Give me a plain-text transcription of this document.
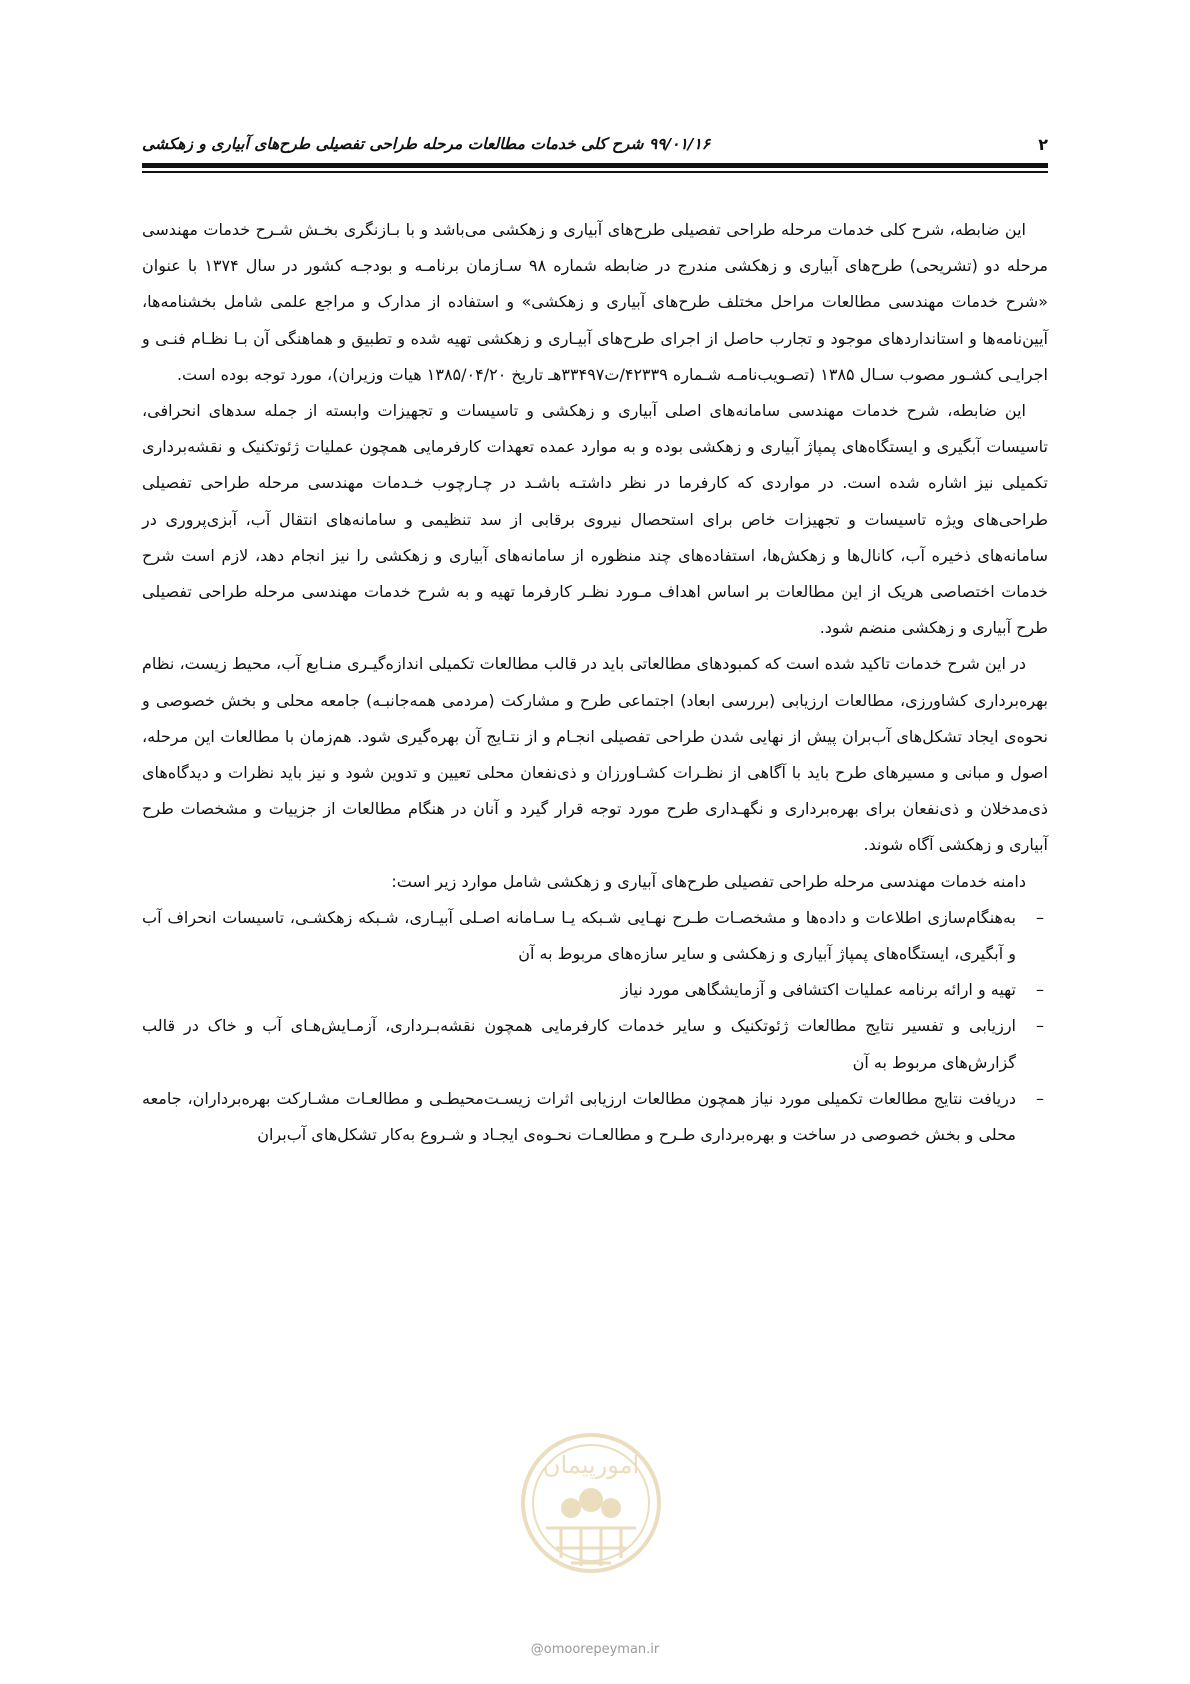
۲
۹۹/۰۱/۱۶ شرح کلی خدمات مطالعات مرحله طراحی تفصیلی طرح‌های آبیاری و زهکشی

این ضابطه، شرح کلی خدمات مرحله طراحی تفصیلی طرح‌های آبیاری و زهکشی می‌باشد و با بـازنگری بخـش شـرح خدمات مهندسی مرحله دو (تشریحی) طرح‌های آبیاری و زهکشی مندرج در ضابطه شماره ۹۸ سـازمان برنامـه و بودجـه کشور در سال ۱۳۷۴ با عنوان «شرح خدمات مهندسی مطالعات مراحل مختلف طرح‌های آبیاری و زهکشی» و استفاده از مدارک و مراجع علمی شامل بخشنامه‌ها، آیین‌نامه‌ها و استانداردهای موجود و تجارب حاصل از اجرای طرح‌های آبیـاری و زهکشی تهیه شده و تطبیق و هماهنگی آن بـا نظـام فنـی و اجرایـی کشـور مصوب سـال ۱۳۸۵ (تصـویب‌نامـه شـماره ۴۲۳۳۹/ت۳۳۴۹۷هـ تاریخ ۱۳۸۵/۰۴/۲۰ هیات وزیران)، مورد توجه بوده است.

این ضابطه، شرح خدمات مهندسی سامانه‌های اصلی آبیاری و زهکشی و تاسیسات و تجهیزات وابسته از جمله سدهای انحرافی، تاسیسات آبگیری و ایستگاه‌های پمپاژ آبیاری و زهکشی بوده و به موارد عمده تعهدات کارفرمایی همچون عملیات ژئوتکنیک و نقشه‌برداری تکمیلی نیز اشاره شده است. در مواردی که کارفرما در نظر داشتـه باشـد در چـارچوب خـدمات مهندسی مرحله طراحی تفصیلی طراحی‌های ویژه تاسیسات و تجهیزات خاص برای استحصال نیروی برقابی از سد تنظیمی و سامانه‌های انتقال آب، آبزی‌پروری در سامانه‌های ذخیره آب، کانال‌ها و زهکش‌ها، استفاده‌های چند منظوره از سامانه‌های آبیاری و زهکشی را نیز انجام دهد، لازم است شرح خدمات اختصاصی هریک از این مطالعات بر اساس اهداف مـورد نظـر کارفرما تهیه و به شرح خدمات مهندسی مرحله طراحی تفصیلی طرح آبیاری و زهکشی منضم شود.

در این شرح خدمات تاکید شده است که کمبودهای مطالعاتی باید در قالب مطالعات تکمیلی اندازه‌گیـری منـابع آب، محیط زیست، نظام بهره‌برداری کشاورزی، مطالعات ارزیابی (بررسی ابعاد) اجتماعی طرح و مشارکت (مردمی همه‌جانبـه) جامعه محلی و بخش خصوصی و نحوه‌ی ایجاد تشکل‌های آب‌بران پیش از نهایی شدن طراحی تفصیلی انجـام و از نتـایج آن بهره‌گیری شود. هم‌زمان با مطالعات این مرحله، اصول و مبانی و مسیرهای طرح باید با آگاهی از نظـرات کشـاورزان و ذی‌نفعان محلی تعیین و تدوین شود و نیز باید نظرات و دیدگاه‌های ذی‌مدخلان و ذی‌نفعان برای بهره‌برداری و نگهـداری طرح مورد توجه قرار گیرد و آنان در هنگام مطالعات از جزییات و مشخصات طرح آبیاری و زهکشی آگاه شوند.

دامنه خدمات مهندسی مرحله طراحی تفصیلی طرح‌های آبیاری و زهکشی شامل موارد زیر است:

– به‌هنگام‌سازی اطلاعات و داده‌ها و مشخصـات طـرح نهـایی شـبکه یـا سـامانه اصـلی آبیـاری، شـبکه زهکشـی، تاسیسات انحراف آب و آبگیری، ایستگاه‌های پمپاژ آبیاری و زهکشی و سایر سازه‌های مربوط به آن
– تهیه و ارائه برنامه عملیات اکتشافی و آزمایشگاهی مورد نیاز
– ارزیابی و تفسیر نتایج مطالعات ژئوتکنیک و سایر خدمات کارفرمایی همچون نقشه‌بـرداری، آزمـایش‌هـای آب و خاک در قالب گزارش‌های مربوط به آن
– دریافت نتایج مطالعات تکمیلی مورد نیاز همچون مطالعات ارزیابی اثرات زیسـت‌محیطـی و مطالعـات مشـارکت بهره‌برداران، جامعه محلی و بخش خصوصی در ساخت و بهره‌برداری طـرح و مطالعـات نحـوه‌ی ایجـاد و شـروع به‌کار تشکل‌های آب‌بران
امورپیمان
@omoorepeyman.ir
